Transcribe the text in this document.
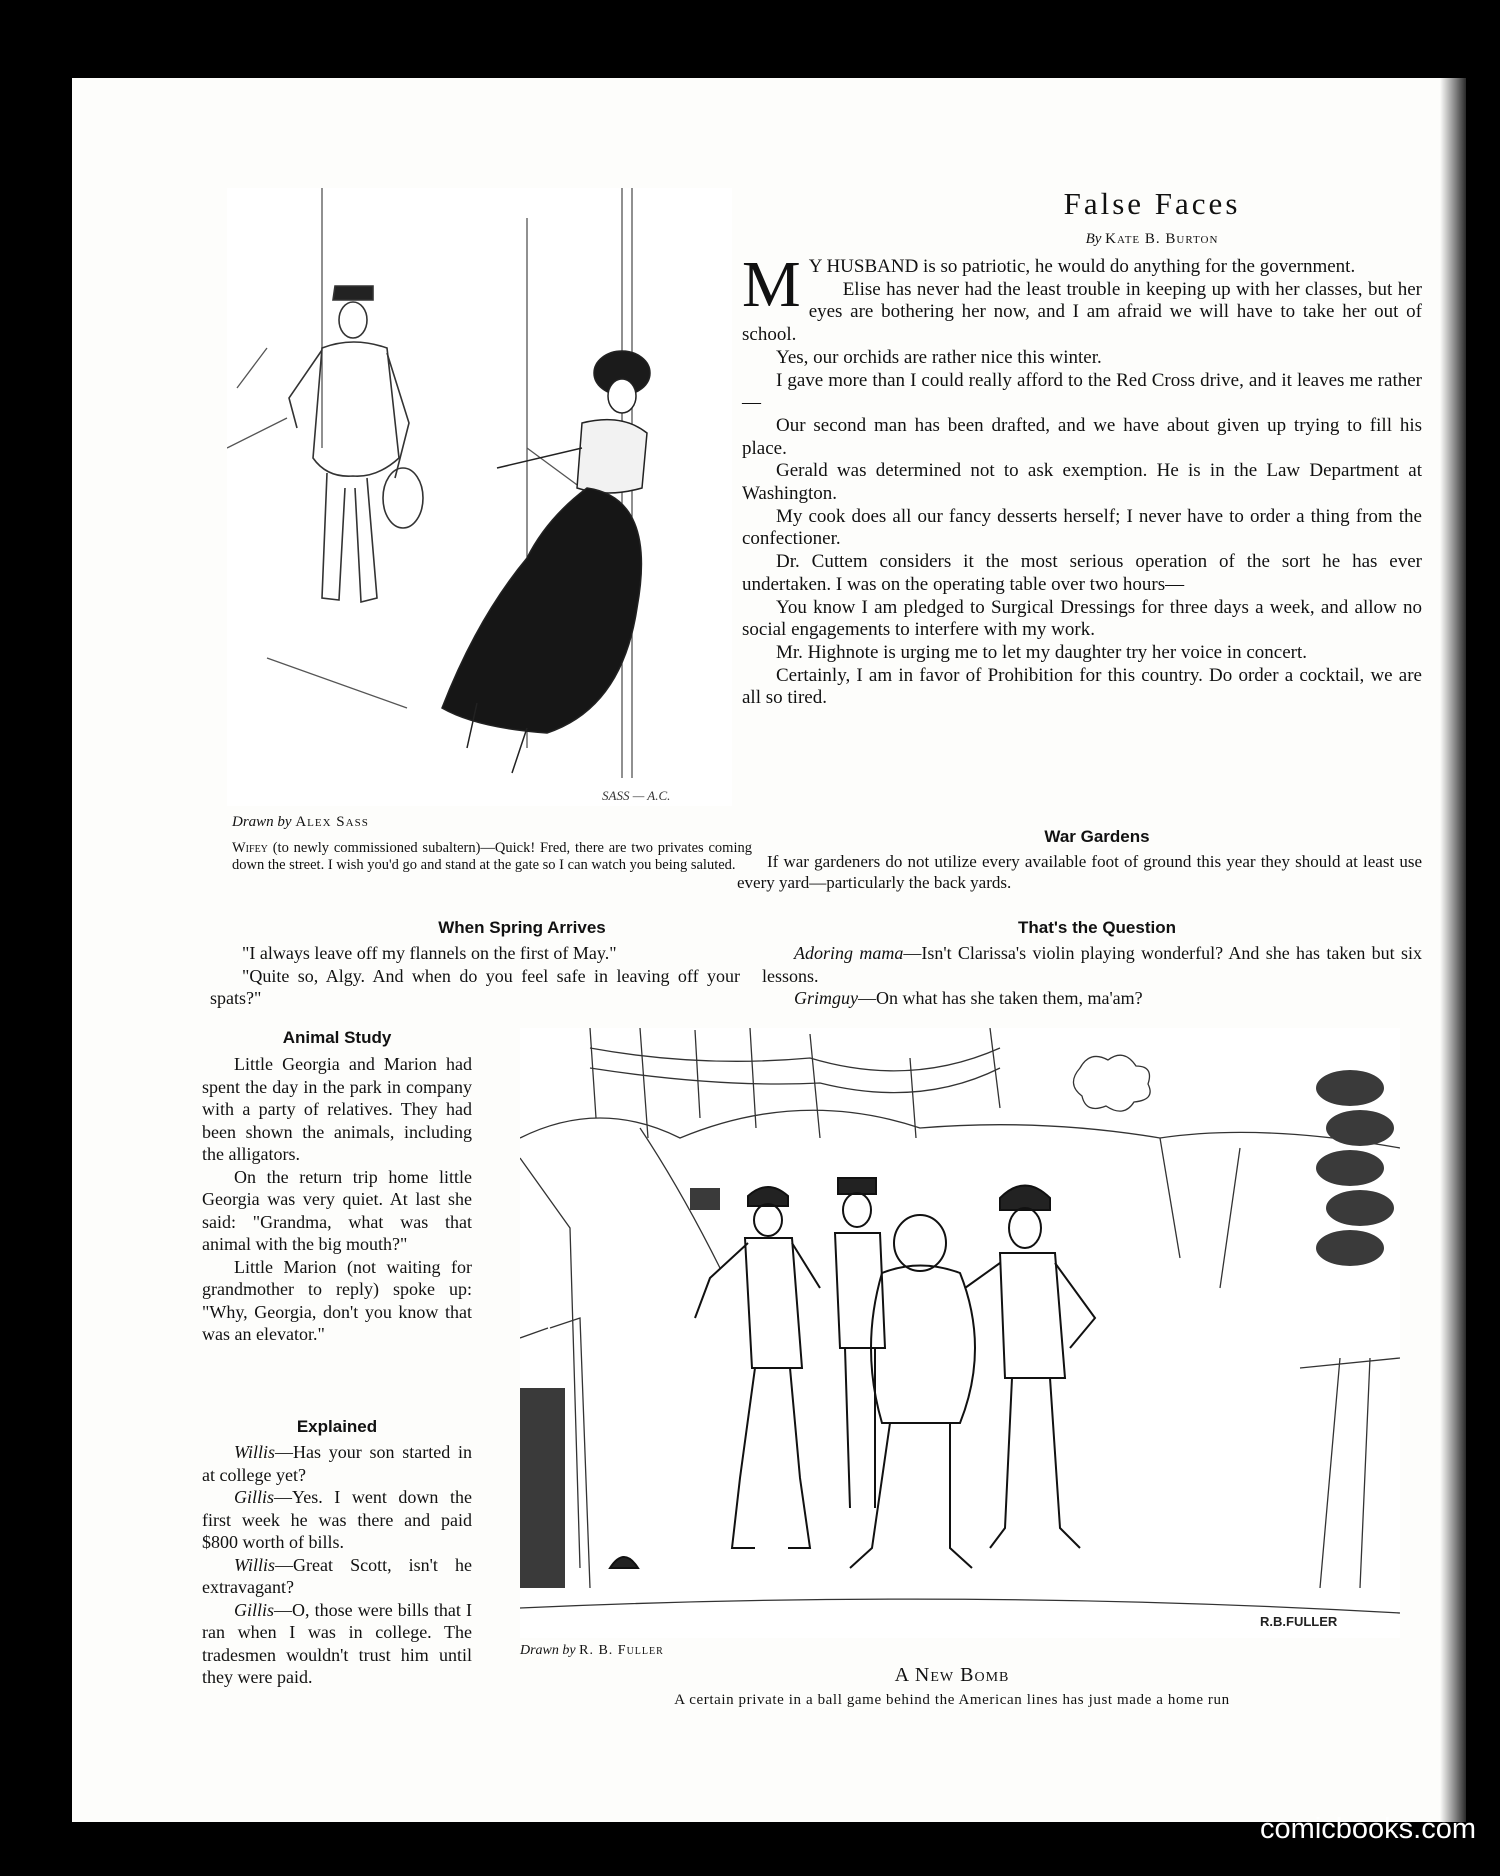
SASS — A.C.
False Faces
By Kate B. Burton

M Y HUSBAND is so patriotic, he would do anything for the government.

Elise has never had the least trouble in keeping up with her classes, but her eyes are bothering her now, and I am afraid we will have to take her out of school.

Yes, our orchids are rather nice this winter.

I gave more than I could really afford to the Red Cross drive, and it leaves me rather—

Our second man has been drafted, and we have about given up trying to fill his place.

Gerald was determined not to ask exemption. He is in the Law Department at Washington.

My cook does all our fancy desserts herself; I never have to order a thing from the confectioner.

Dr. Cuttem considers it the most serious operation of the sort he has ever undertaken. I was on the operating table over two hours—

You know I am pledged to Surgical Dressings for three days a week, and allow no social engagements to interfere with my work.

Mr. Highnote is urging me to let my daughter try her voice in concert.

Certainly, I am in favor of Prohibition for this country. Do order a cocktail, we are all so tired.

Drawn by Alex Sass
Wifey (to newly commissioned subaltern)—Quick! Fred, there are two privates coming down the street. I wish you'd go and stand at the gate so I can watch you being saluted.
War Gardens
If war gardeners do not utilize every available foot of ground this year they should at least use every yard—particularly the back yards.
When Spring Arrives

"I always leave off my flannels on the first of May."

"Quite so, Algy. And when do you feel safe in leaving off your spats?"

That's the Question

Adoring mama—Isn't Clarissa's violin playing wonderful? And she has taken but six lessons.

Grimguy—On what has she taken them, ma'am?

Animal Study

Little Georgia and Marion had spent the day in the park in company with a party of relatives. They had been shown the animals, including the alligators.

On the return trip home little Georgia was very quiet. At last she said: "Grandma, what was that animal with the big mouth?"

Little Marion (not waiting for grandmother to reply) spoke up: "Why, Georgia, don't you know that was an elevator."

Explained

Willis—Has your son started in at college yet?

Gillis—Yes. I went down the first week he was there and paid $800 worth of bills.

Willis—Great Scott, isn't he extravagant?

Gillis—O, those were bills that I ran when I was in college. The tradesmen wouldn't trust him until they were paid.

R.B.FULLER
Drawn by R. B. Fuller
A New Bomb
A certain private in a ball game behind the American lines has just made a home run
comicbooks.com
